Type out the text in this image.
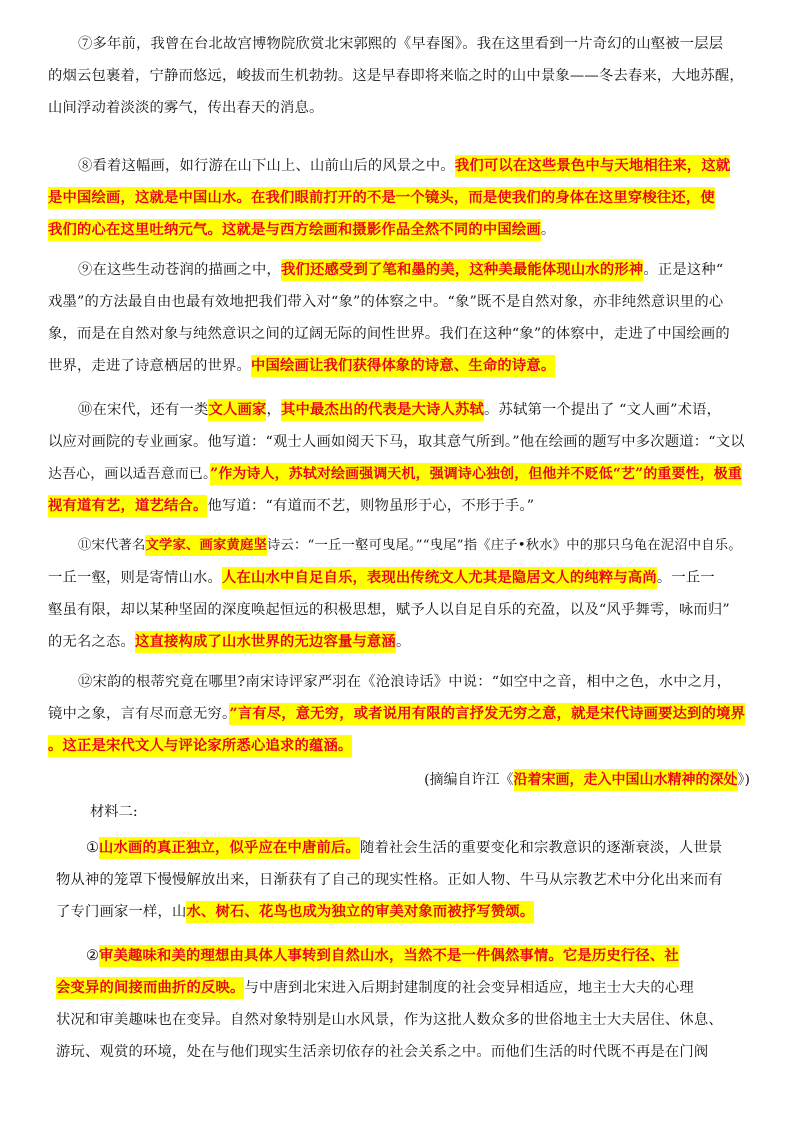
⑦多年前，我曾在台北故宫博物院欣赏北宋郭熙的《早春图》。我在这里看到一片奇幻的山壑被一层层
的烟云包裹着，宁静而悠远，峻拔而生机勃勃。这是早春即将来临之时的山中景象——冬去春来，大地苏醒，
山间浮动着淡淡的雾气，传出春天的消息。
⑧看着这幅画，如行游在山下山上、山前山后的风景之中。我们可以在这些景色中与天地相往来，这就
是中国绘画，这就是中国山水。在我们眼前打开的不是一个镜头，而是使我们的身体在这里穿梭往还，使
我们的心在这里吐纳元气。这就是与西方绘画和摄影作品全然不同的中国绘画。
⑨在这些生动苍润的描画之中，我们还感受到了笔和墨的美，这种美最能体现山水的形神。正是这种“
戏墨”的方法最自由也最有效地把我们带入对“象”的体察之中。“象”既不是自然对象，亦非纯然意识里的心
象，而是在自然对象与纯然意识之间的辽阔无际的间性世界。我们在这种“象”的体察中，走进了中国绘画的
世界，走进了诗意栖居的世界。中国绘画让我们获得体象的诗意、生命的诗意。
⑩在宋代，还有一类文人画家，其中最杰出的代表是大诗人苏轼。苏轼第一个提出了 “文人画”术语，
以应对画院的专业画家。他写道：“观士人画如阅天下马，取其意气所到。”他在绘画的题写中多次题道：“文以
达吾心，画以适吾意而已。”作为诗人，苏轼对绘画强调天机，强调诗心独创，但他并不贬低“艺”的重要性，极重
视有道有艺，道艺结合。他写道：“有道而不艺，则物虽形于心，不形于手。”
⑪宋代著名文学家、画家黄庭坚诗云：“一丘一壑可曳尾。”“曳尾”指《庄子•秋水》中的那只乌龟在泥沼中自乐。
一丘一壑，则是寄情山水。人在山水中自足自乐，表现出传统文人尤其是隐居文人的纯粹与高尚。一丘一
壑虽有限，却以某种坚固的深度唤起恒远的积极思想，赋予人以自足自乐的充盈，以及“风乎舞雩，咏而归”
的无名之态。这直接构成了山水世界的无边容量与意涵。
⑫宋韵的根蒂究竟在哪里?南宋诗评家严羽在《沧浪诗话》中说：“如空中之音，相中之色，水中之月，
镜中之象，言有尽而意无穷。”言有尽，意无穷，或者说用有限的言抒发无穷之意，就是宋代诗画要达到的境界
。这正是宋代文人与评论家所悉心追求的蕴涵。
(摘编自许江《沿着宋画，走入中国山水精神的深处》)
材料二:
①山水画的真正独立，似乎应在中唐前后。随着社会生活的重要变化和宗教意识的逐渐衰淡，人世景
物从神的笼罩下慢慢解放出来，日渐获有了自己的现实性格。正如人物、牛马从宗教艺术中分化出来而有
了专门画家一样，山水、树石、花鸟也成为独立的审美对象而被抒写赞颂。
②审美趣味和美的理想由具体人事转到自然山水，当然不是一件偶然事情。它是历史行径、社
会变异的间接而曲折的反映。与中唐到北宋进入后期封建制度的社会变异相适应，地主士大夫的心理
状况和审美趣味也在变异。自然对象特别是山水风景，作为这批人数众多的世俗地主士大夫居住、休息、
游玩、观赏的环境，处在与他们现实生活亲切依存的社会关系之中。而他们生活的时代既不再是在门阀
